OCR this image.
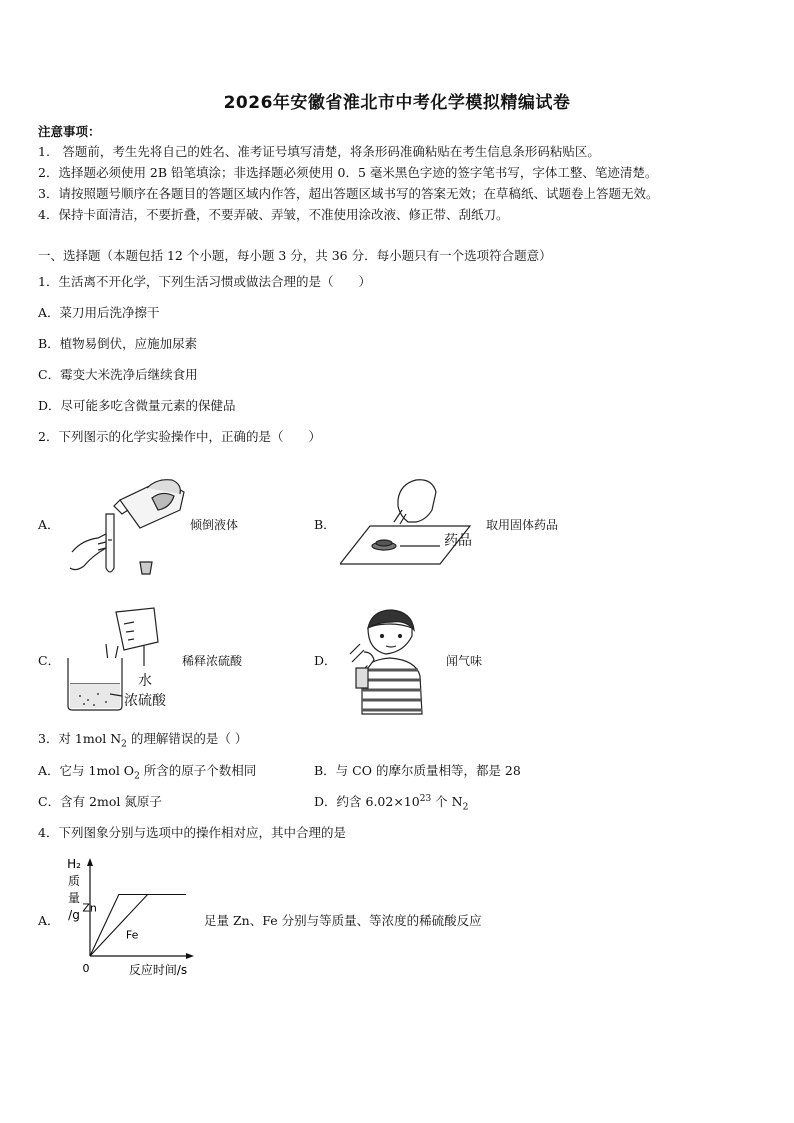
2026年安徽省淮北市中考化学模拟精编试卷
注意事项：
1.　答题前，考生先将自己的姓名、准考证号填写清楚，将条形码准确粘贴在考生信息条形码粘贴区。
2．选择题必须使用 2B 铅笔填涂；非选择题必须使用 0．5 毫米黑色字迹的签字笔书写，字体工整、笔迹清楚。
3．请按照题号顺序在各题目的答题区域内作答，超出答题区域书写的答案无效；在草稿纸、试题卷上答题无效。
4．保持卡面清洁，不要折叠，不要弄破、弄皱，不准使用涂改液、修正带、刮纸刀。
一、选择题（本题包括 12 个小题，每小题 3 分，共 36 分．每小题只有一个选项符合题意）
1．生活离不开化学，下列生活习惯或做法合理的是（　　）
A．菜刀用后洗净擦干
B．植物易倒伏，应施加尿素
C．霉变大米洗净后继续食用
D．尽可能多吃含微量元素的保健品
2．下列图示的化学实验操作中，正确的是（　　）
A．	倾倒液体	B．
药品
取用固体药品
C．
水
浓硫酸
稀释浓硫酸	D．	闻气味
3．对 1mol $N_2$ 的理解错误的是（ ）
A．它与 1mol $O_2$ 所含的原子个数相同	B．与 CO 的摩尔质量相等，都是 28
C．含有 2mol 氮原子	D．约含 $6.02\times 10^{23}$ 个 $N_2$
4．下列图象分别与选项中的操作相对应，其中合理的是
A．
Zn
Fe
H₂
质
量
/g
0	反应时间/s
足量 Zn、Fe 分别与等质量、等浓度的稀硫酸反应
